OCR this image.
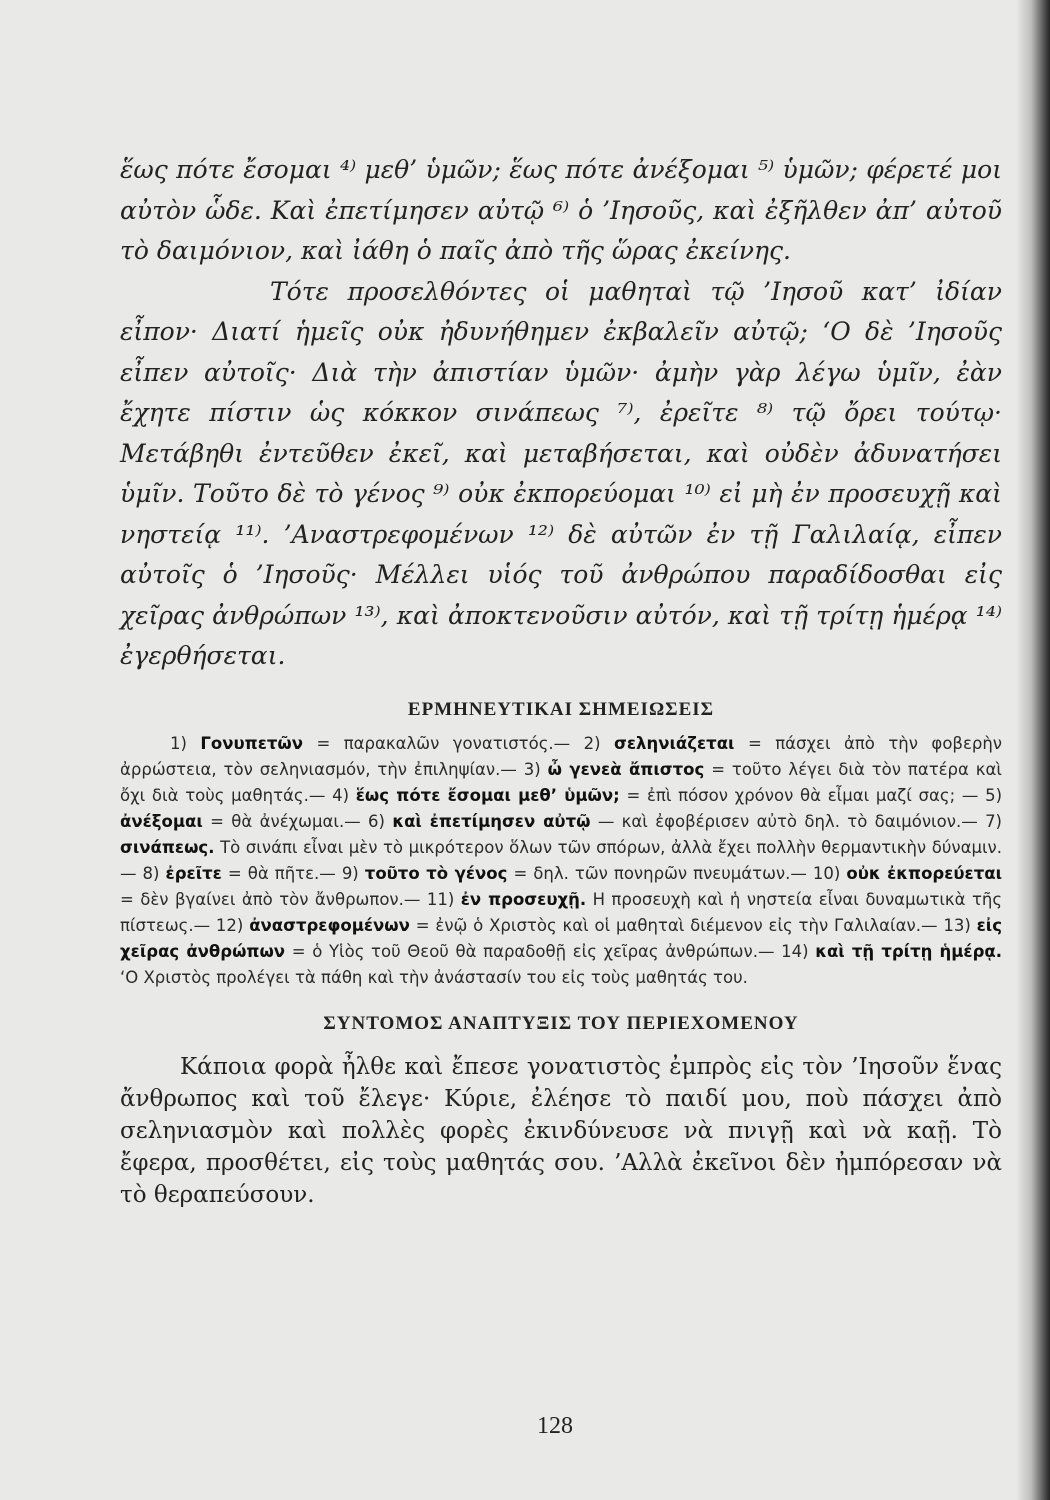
ἕως πότε ἔσομαι ⁴⁾ μεθ’ ὑμῶν; ἕως πότε ἀνέξομαι ⁵⁾ ὑμῶν; φέρετέ μοι αὐτὸν ὧδε. Καὶ ἐπετίμησεν αὐτῷ ⁶⁾ ὁ ’Ιησοῦς, καὶ ἐξῆλθεν ἀπ’ αὐτοῦ τὸ δαιμόνιον, καὶ ἰάθη ὁ παῖς ἀπὸ τῆς ὥρας ἐκείνης.

Τότε προσελθόντες οἱ μαθηταὶ τῷ ’Ιησοῦ κατ’ ἰδίαν εἶπον· Διατί ἡμεῖς οὐκ ἠδυνήθημεν ἐκβαλεῖν αὐτῷ; ‘Ο δὲ ’Ιησοῦς εἶπεν αὐτοῖς· Διὰ τὴν ἀπιστίαν ὑμῶν· ἀμὴν γὰρ λέγω ὑμῖν, ἐὰν ἔχητε πίστιν ὡς κόκκον σινάπεως ⁷⁾, ἐρεῖτε ⁸⁾ τῷ ὄρει τούτῳ· Μετάβηθι ἐντεῦθεν ἐκεῖ, καὶ μεταβήσεται, καὶ οὐδὲν ἀδυνατήσει ὑμῖν. Τοῦτο δὲ τὸ γένος ⁹⁾ οὐκ ἐκπορεύομαι ¹⁰⁾ εἰ μὴ ἐν προσευχῇ καὶ νηστείᾳ ¹¹⁾. ’Αναστρεφομένων ¹²⁾ δὲ αὐτῶν ἐν τῇ Γαλιλαίᾳ, εἶπεν αὐτοῖς ὁ ’Ιησοῦς· Μέλλει υἱός τοῦ ἀνθρώπου παραδίδοσθαι εἰς χεῖρας ἀνθρώπων ¹³⁾, καὶ ἀποκτενοῦσιν αὐτόν, καὶ τῇ τρίτῃ ἡμέρᾳ ¹⁴⁾ ἐγερθήσεται.

ΕΡΜΗΝΕΥΤΙΚΑΙ ΣΗΜΕΙΩΣΕΙΣ

1) Γονυπετῶν = παρακαλῶν γονατιστός.— 2) σεληνιάζεται = πάσχει ἀπὸ τὴν φοβερὴν ἀρρώστεια, τὸν σεληνιασμόν, τὴν ἐπιληψίαν.— 3) ὦ γενεὰ ἄπιστος = τοῦτο λέγει διὰ τὸν πατέρα καὶ ὄχι διὰ τοὺς μαθητάς.— 4) ἕως πότε ἔσομαι μεθ’ ὑμῶν; = ἐπὶ πόσον χρόνον θὰ εἶμαι μαζί σας; — 5) ἀνέξομαι = θὰ ἀνέχωμαι.— 6) καὶ ἐπετίμησεν αὐτῷ — καὶ ἐφοβέρισεν αὐτὸ δηλ. τὸ δαιμόνιον.— 7) σινάπεως. Τὸ σινάπι εἶναι μὲν τὸ μικρότερον ὅλων τῶν σπόρων, ἀλλὰ ἔχει πολλὴν θερμαντικὴν δύναμιν.— 8) ἐρεῖτε = θὰ πῆτε.— 9) τοῦτο τὸ γένος = δηλ. τῶν πονηρῶν πνευμάτων.— 10) οὐκ ἐκπορεύεται = δὲν βγαίνει ἀπὸ τὸν ἄνθρωπον.— 11) ἐν προσευχῇ. Η προσευχὴ καὶ ἡ νηστεία εἶναι δυναμωτικὰ τῆς πίστεως.— 12) ἀναστρεφομένων = ἐνῷ ὁ Χριστὸς καὶ οἱ μαθηταὶ διέμενον εἰς τὴν Γαλιλαίαν.— 13) εἰς χεῖρας ἀνθρώπων = ὁ Υἱὸς τοῦ Θεοῦ θὰ παραδοθῇ εἰς χεῖρας ἀνθρώπων.— 14) καὶ τῇ τρίτῃ ἡμέρᾳ. ‘Ο Χριστὸς προλέγει τὰ πάθη καὶ τὴν ἀνάστασίν του εἰς τοὺς μαθητάς του.

ΣΥΝΤΟΜΟΣ ΑΝΑΠΤΥΞΙΣ ΤΟΥ ΠΕΡΙΕΧΟΜΕΝΟΥ

Κάποια φορὰ ἦλθε καὶ ἔπεσε γονατιστὸς ἐμπρὸς εἰς τὸν ’Ιησοῦν ἕνας ἄνθρωπος καὶ τοῦ ἔλεγε· Κύριε, ἐλέησε τὸ παιδί μου, ποὺ πάσχει ἀπὸ σεληνιασμὸν καὶ πολλὲς φορὲς ἐκινδύνευσε νὰ πνιγῇ καὶ νὰ καῇ. Τὸ ἔφερα, προσθέτει, εἰς τοὺς μαθητάς σου. ’Αλλὰ ἐκεῖνοι δὲν ἠμπόρεσαν νὰ τὸ θεραπεύσουν.

128
